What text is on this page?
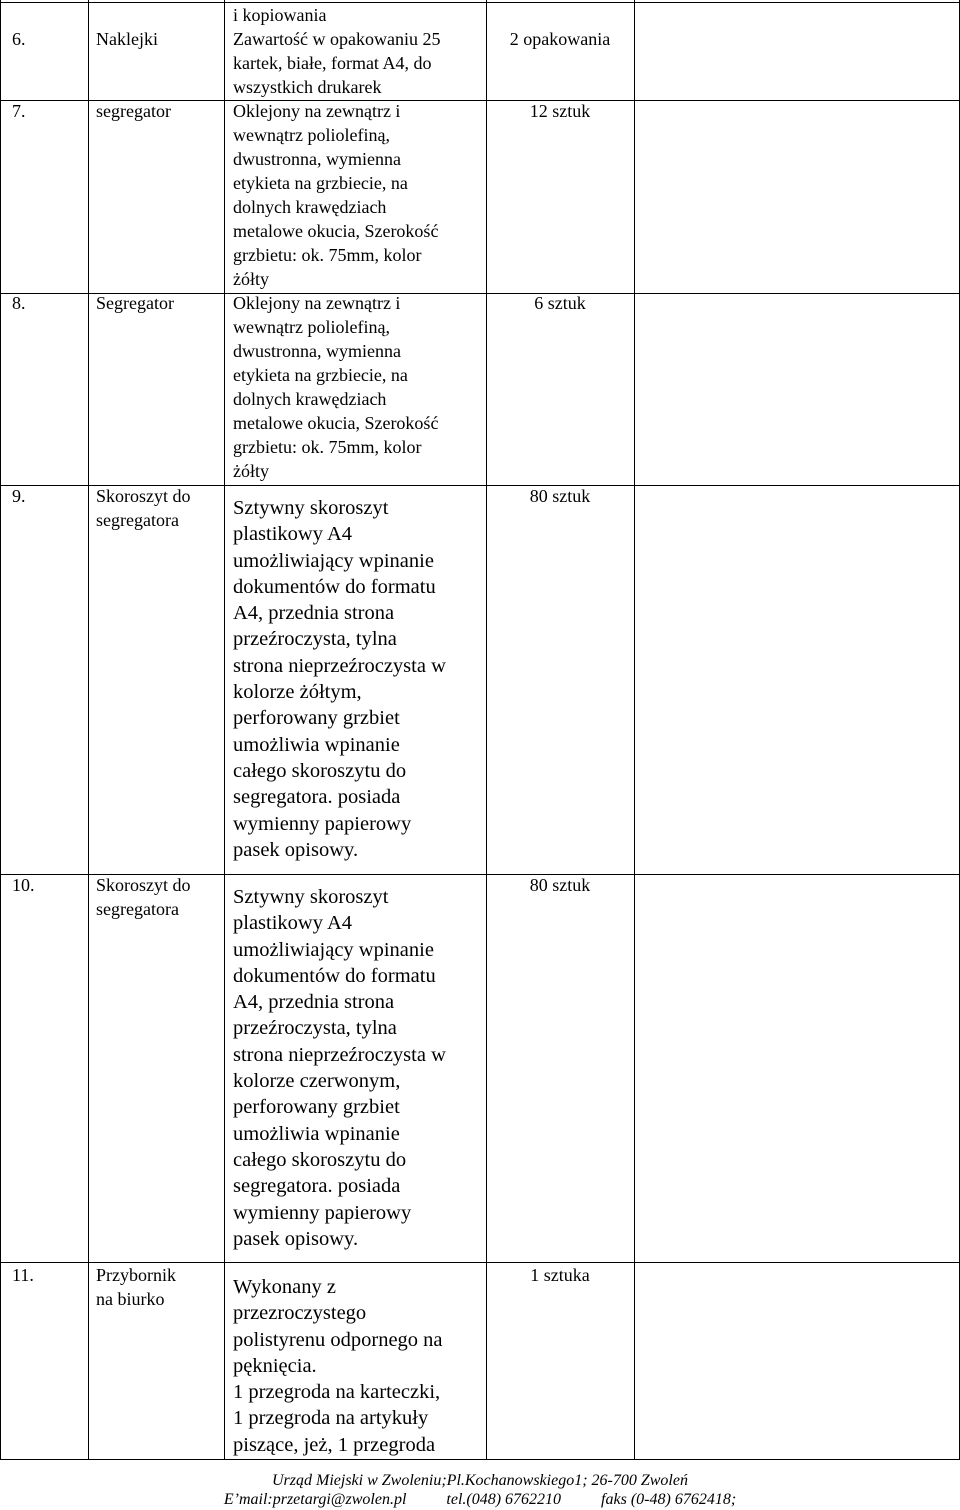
i kopiowania
6.	Naklejki	Zawartość w opakowaniu 25
kartek, białe, format A4, do
wszystkich drukarek
2 opakowania
7.	segregator	Oklejony na zewnątrz i
wewnątrz poliolefiną,
dwustronna, wymienna
etykieta na grzbiecie, na
dolnych krawędziach
metalowe okucia, Szerokość
grzbietu: ok. 75mm, kolor
żółty
12 sztuk
8.	Segregator	Oklejony na zewnątrz i
wewnątrz poliolefiną,
dwustronna, wymienna
etykieta na grzbiecie, na
dolnych krawędziach
metalowe okucia, Szerokość
grzbietu: ok. 75mm, kolor
żółty
6 sztuk
9.	Skoroszyt do
segregatora
Sztywny skoroszyt
plastikowy A4
umożliwiający wpinanie
dokumentów do formatu
A4, przednia strona
przeźroczysta, tylna
strona nieprzeźroczysta w
kolorze żółtym,
perforowany grzbiet
umożliwia wpinanie
całego skoroszytu do
segregatora. posiada
wymienny papierowy
pasek opisowy.
80 sztuk
10.	Skoroszyt do
segregatora
Sztywny skoroszyt
plastikowy A4
umożliwiający wpinanie
dokumentów do formatu
A4, przednia strona
przeźroczysta, tylna
strona nieprzeźroczysta w
kolorze czerwonym,
perforowany grzbiet
umożliwia wpinanie
całego skoroszytu do
segregatora. posiada
wymienny papierowy
pasek opisowy.
80 sztuk
11.	Przybornik
na biurko
Wykonany z
przezroczystego
polistyrenu odpornego na
pęknięcia.
1 przegroda na karteczki,
1 przegroda na artykuły
piszące, jeż, 1 przegroda
1 sztuka
Urząd Miejski w Zwoleniu;Pl.Kochanowskiego1; 26-700 Zwoleń
E’mail:przetargi@zwolen.pl          tel.(048) 6762210          faks (0-48) 6762418;
